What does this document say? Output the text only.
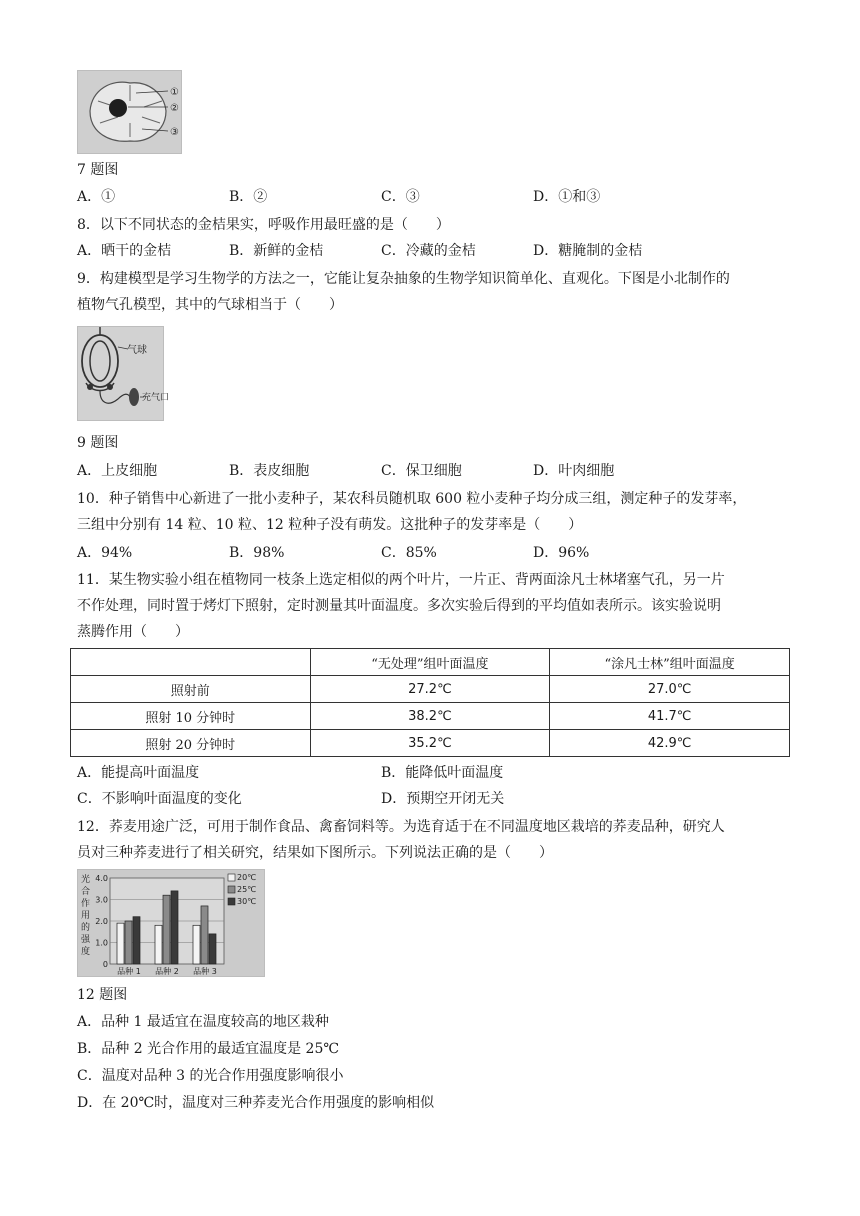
①
②
③
7 题图
A．①	B．②	C．③	D．①和③
8．以下不同状态的金桔果实，呼吸作用最旺盛的是（　　）
A．晒干的金桔	B．新鲜的金桔	C．冷藏的金桔	D．糖腌制的金桔
9．构建模型是学习生物学的方法之一，它能让复杂抽象的生物学知识简单化、直观化。下图是小北制作的
植物气孔模型，其中的气球相当于（　　）
气球
充气口
9 题图
A．上皮细胞	B．表皮细胞	C．保卫细胞	D．叶肉细胞
10．种子销售中心新进了一批小麦种子，某农科员随机取 600 粒小麦种子均分成三组，测定种子的发芽率，
三组中分别有 14 粒、10 粒、12 粒种子没有萌发。这批种子的发芽率是（　　）
A．94%	B．98%	C．85%	D．96%
11．某生物实验小组在植物同一枝条上选定相似的两个叶片，一片正、背两面涂凡士林堵塞气孔，另一片
不作处理，同时置于烤灯下照射，定时测量其叶面温度。多次实验后得到的平均值如表所示。该实验说明
蒸腾作用（　　）
	“无处理”组叶面温度	“涂凡士林”组叶面温度
照射前	27.2℃	27.0℃
照射 10 分钟时	38.2℃	41.7℃
照射 20 分钟时	35.2℃	42.9℃
A．能提高叶面温度	B．能降低叶面温度
C．不影响叶面温度的变化	D．预期空开闭无关
12．荞麦用途广泛，可用于制作食品、禽畜饲料等。为选育适于在不同温度地区栽培的荞麦品种，研究人
员对三种荞麦进行了相关研究，结果如下图所示。下列说法正确的是（　　）
光
合
作
用
的
强
度
0
1.0
2.0
3.0
4.0
品种 1 品种 2 品种 3
20℃
25℃
30℃
12 题图
A．品种 1 最适宜在温度较高的地区栽种
B．品种 2 光合作用的最适宜温度是 25℃
C．温度对品种 3 的光合作用强度影响很小
D．在 20℃时，温度对三种荞麦光合作用强度的影响相似
